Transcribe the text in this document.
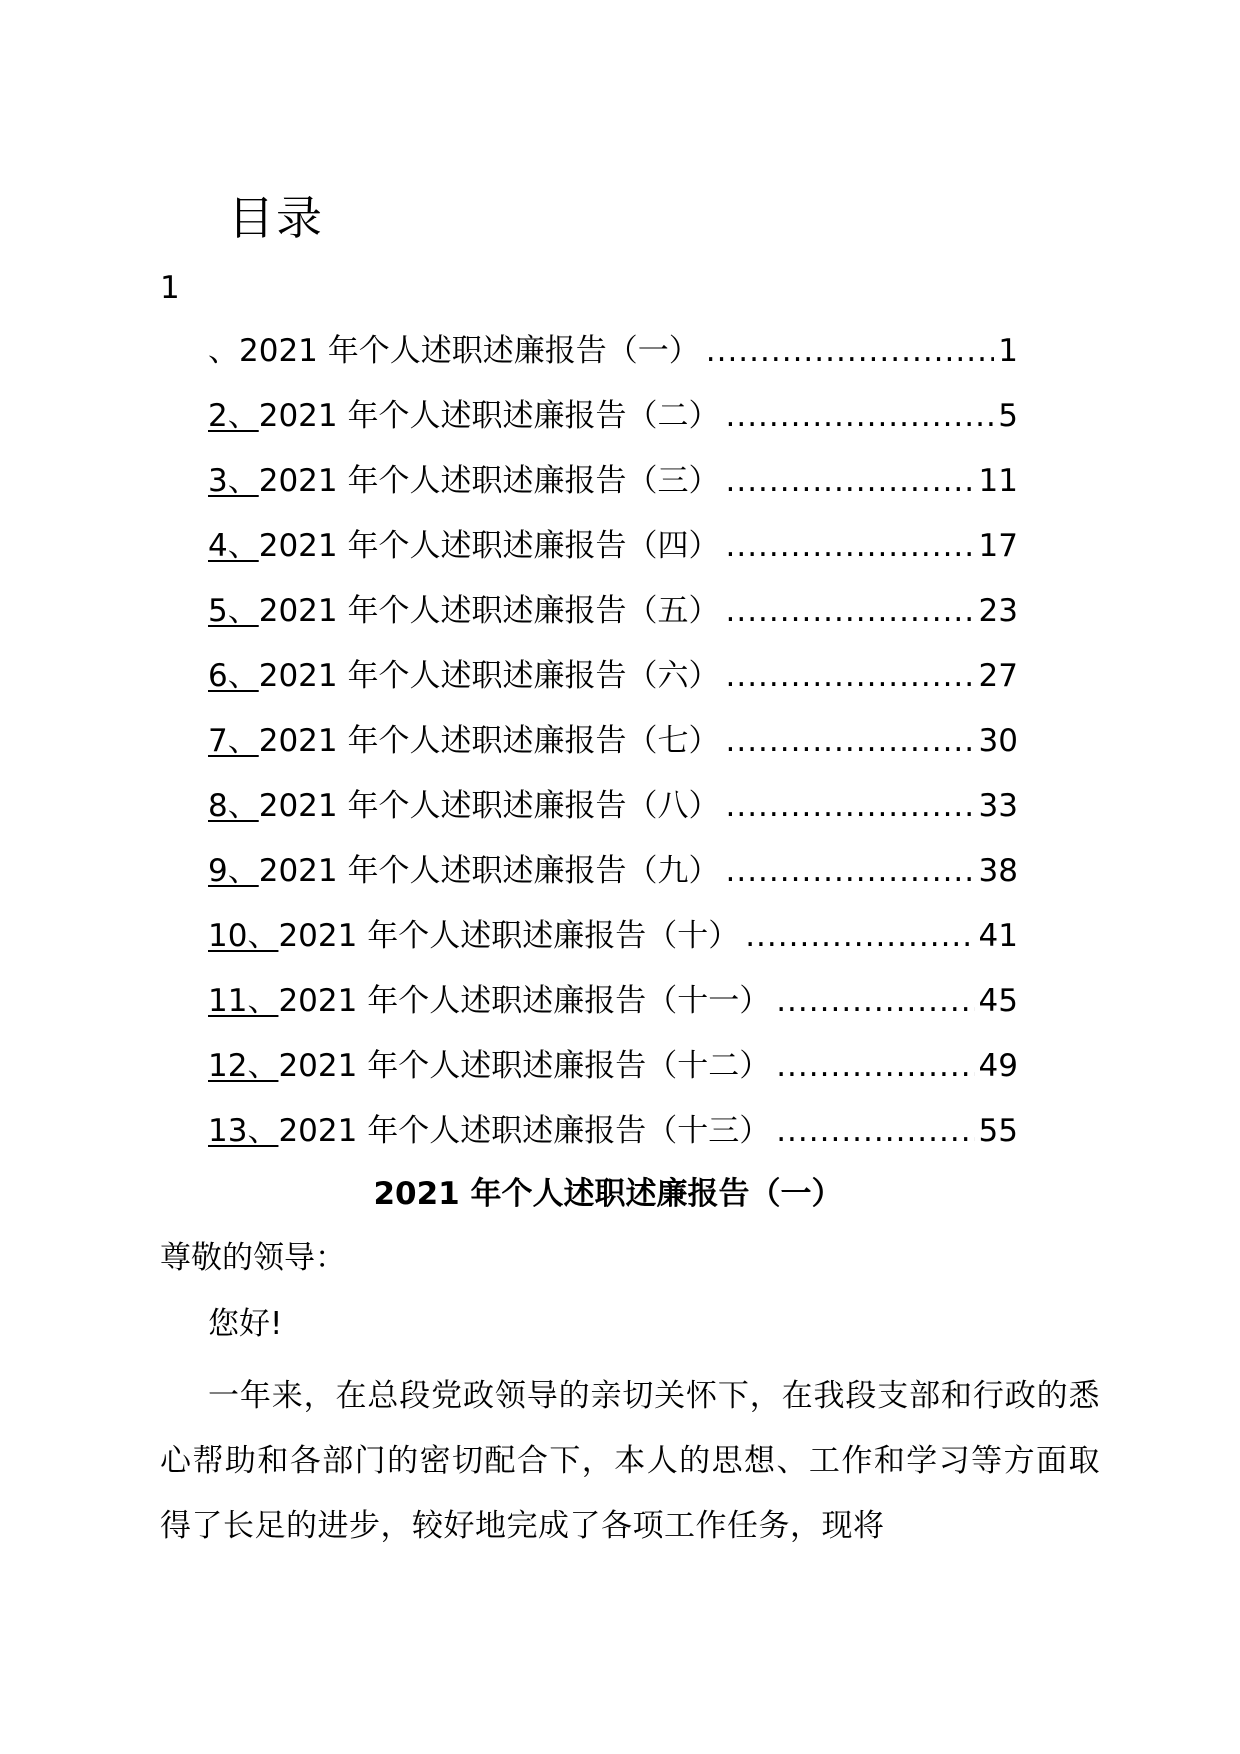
目录
1
、2021 年个人述职述廉报告（一） .....	1
2、 2021 年个人述职述廉报告（二） .....	5
3、 2021 年个人述职述廉报告（三） .....	11
4、 2021 年个人述职述廉报告（四） .....	17
5、 2021 年个人述职述廉报告（五） .....	23
6、 2021 年个人述职述廉报告（六） .....	27
7、 2021 年个人述职述廉报告（七） .....	30
8、 2021 年个人述职述廉报告（八） .....	33
9、 2021 年个人述职述廉报告（九） .....	38
10、 2021 年个人述职述廉报告（十） .....	41
11、 2021 年个人述职述廉报告（十一） .....	45
12、 2021 年个人述职述廉报告（十二） .....	49
13、 2021 年个人述职述廉报告（十三） .....	55
2021 年个人述职述廉报告（一）
尊敬的领导：
您好!
一年来，在总段党政领导的亲切关怀下，在我段支部和行政的悉心帮助和各部门的密切配合下，本人的思想、工作和学习等方面取得了长足的进步，较好地完成了各项工作任务，现将
